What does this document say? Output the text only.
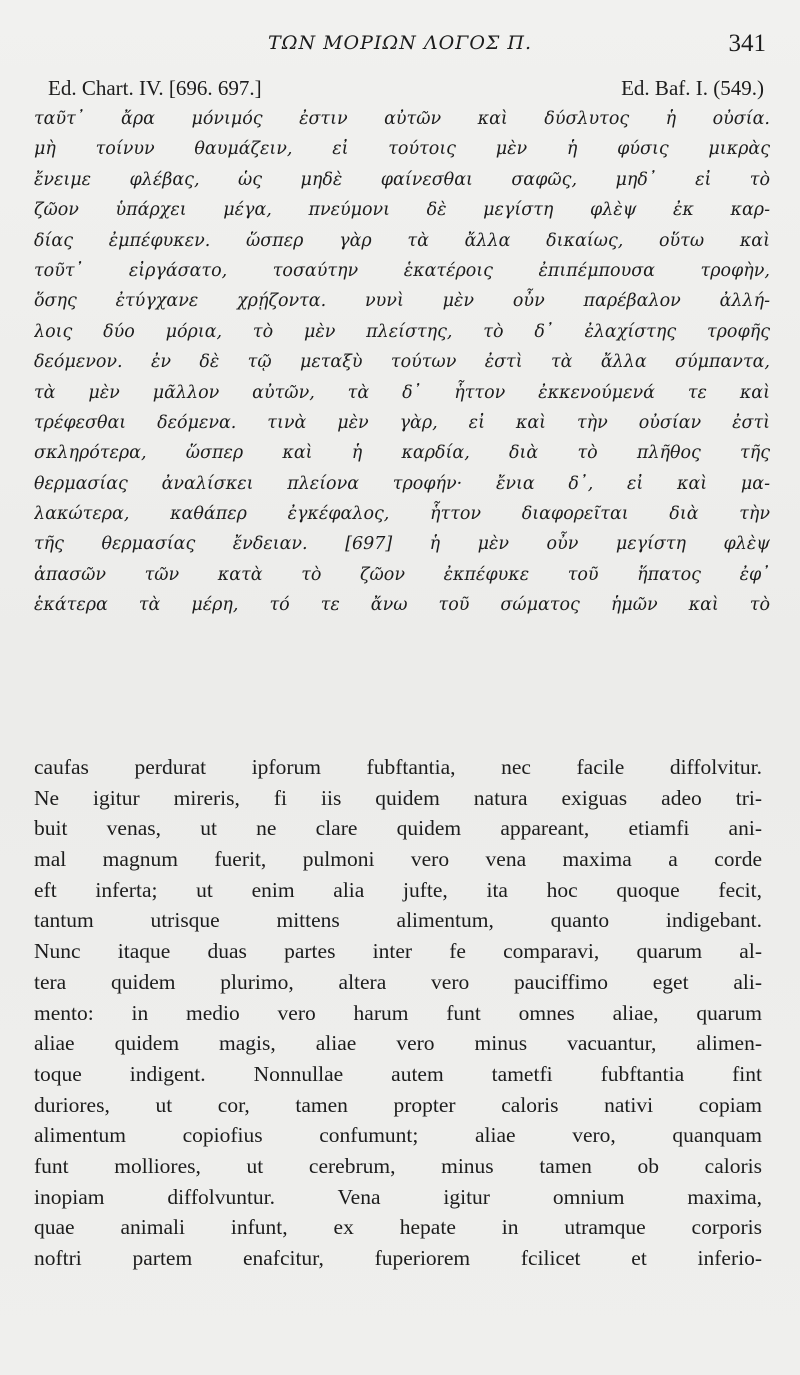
ΤΩΝ ΜΟΡΙΩΝ ΛΟΓΟΣ Π.	341
Ed. Chart. IV. [696. 697.]	Ed. Baf. I. (549.)
ταῦτ᾽ ἄρα μόνιμός ἐστιν αὐτῶν καὶ δύσλυτος ἡ οὐσία.
μὴ τοίνυν θαυμάζειν, εἰ τούτοις μὲν ἡ φύσις μικρὰς
ἔνειμε φλέβας, ὡς μηδὲ φαίνεσθαι σαφῶς, μηδ᾽ εἰ τὸ
ζῶον ὑπάρχει μέγα, πνεύμονι δὲ μεγίστη φλὲψ ἐκ καρ-
δίας ἐμπέφυκεν. ὥσπερ γὰρ τὰ ἄλλα δικαίως, οὕτω καὶ
τοῦτ᾽ εἰργάσατο, τοσαύτην ἑκατέροις ἐπιπέμπουσα τροφὴν,
ὅσης ἐτύγχανε χρῄζοντα. νυνὶ μὲν οὖν παρέβαλον ἀλλή-
λοις δύο μόρια, τὸ μὲν πλείστης, τὸ δ᾽ ἐλαχίστης τροφῆς
δεόμενον. ἐν δὲ τῷ μεταξὺ τούτων ἐστὶ τὰ ἄλλα σύμπαντα,
τὰ μὲν μᾶλλον αὐτῶν, τὰ δ᾽ ἧττον ἐκκενούμενά τε καὶ
τρέφεσθαι δεόμενα. τινὰ μὲν γὰρ, εἰ καὶ τὴν οὐσίαν ἐστὶ
σκληρότερα, ὥσπερ καὶ ἡ καρδία, διὰ τὸ πλῆθος τῆς
θερμασίας ἀναλίσκει πλείονα τροφήν· ἔνια δ᾽, εἰ καὶ μα-
λακώτερα, καθάπερ ἐγκέφαλος, ἧττον διαφορεῖται διὰ τὴν
τῆς θερμασίας ἔνδειαν. [697] ἡ μὲν οὖν μεγίστη φλὲψ
ἁπασῶν τῶν κατὰ τὸ ζῶον ἐκπέφυκε τοῦ ἥπατος ἐφ᾽
ἑκάτερα τὰ μέρη, τό τε ἄνω τοῦ σώματος ἡμῶν καὶ τὸ
caufas perdurat ipforum fubftantia, nec facile diffolvitur.
Ne igitur mireris, fi iis quidem natura exiguas adeo tri-
buit venas, ut ne clare quidem appareant, etiamfi ani-
mal magnum fuerit, pulmoni vero vena maxima a corde
eft inferta; ut enim alia jufte, ita hoc quoque fecit,
tantum utrisque mittens alimentum, quanto indigebant.
Nunc itaque duas partes inter fe comparavi, quarum al-
tera quidem plurimo, altera vero pauciffimo eget ali-
mento: in medio vero harum funt omnes aliae, quarum
aliae quidem magis, aliae vero minus vacuantur, alimen-
toque indigent. Nonnullae autem tametfi fubftantia fint
duriores, ut cor, tamen propter caloris nativi copiam
alimentum copiofius confumunt; aliae vero, quanquam
funt molliores, ut cerebrum, minus tamen ob caloris
inopiam diffolvuntur. Vena igitur omnium maxima,
quae animali infunt, ex hepate in utramque corporis
noftri partem enafcitur, fuperiorem fcilicet et inferio-
